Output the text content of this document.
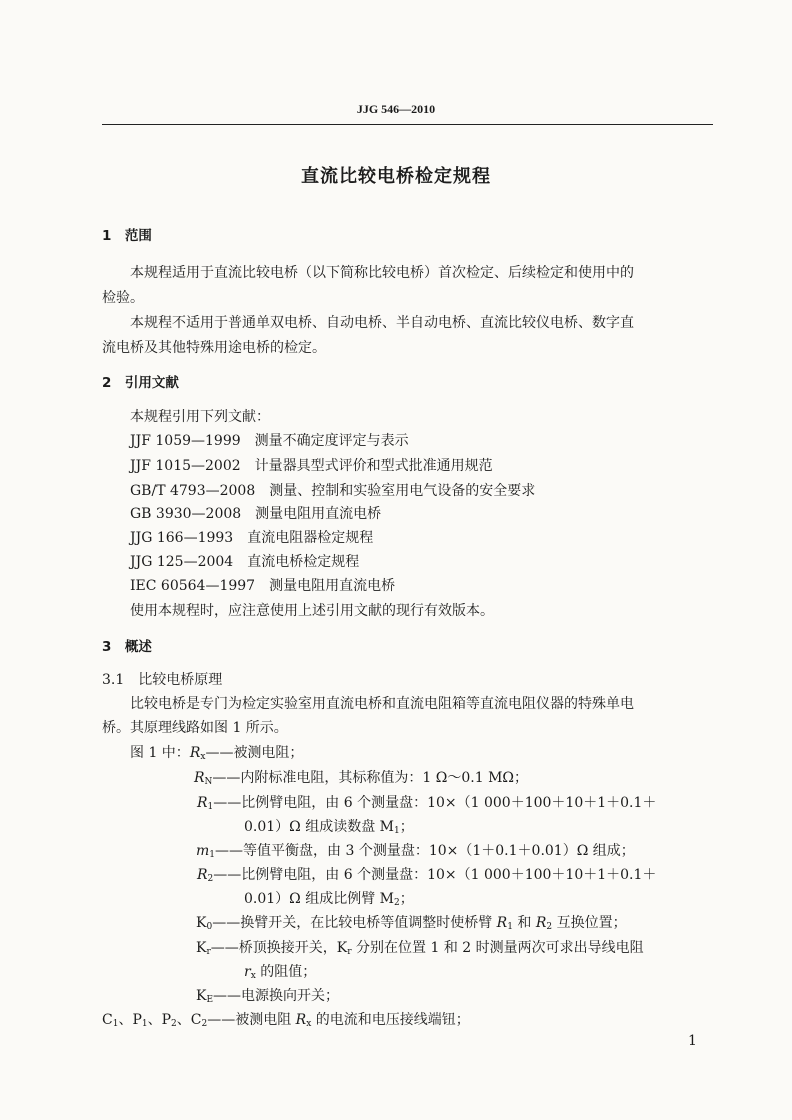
JJG 546—2010
直流比较电桥检定规程
1　范围
本规程适用于直流比较电桥（以下简称比较电桥）首次检定、后续检定和使用中的
检验。
本规程不适用于普通单双电桥、自动电桥、半自动电桥、直流比较仪电桥、数字直
流电桥及其他特殊用途电桥的检定。
2　引用文献
本规程引用下列文献：
JJF 1059—1999　测量不确定度评定与表示
JJF 1015—2002　计量器具型式评价和型式批准通用规范
GB/T 4793—2008　测量、控制和实验室用电气设备的安全要求
GB 3930—2008　测量电阻用直流电桥
JJG 166—1993　直流电阻器检定规程
JJG 125—2004　直流电桥检定规程
IEC 60564—1997　测量电阻用直流电桥
使用本规程时，应注意使用上述引用文献的现行有效版本。
3　概述
3.1　比较电桥原理
比较电桥是专门为检定实验室用直流电桥和直流电阻箱等直流电阻仪器的特殊单电
桥。其原理线路如图 1 所示。
图 1 中：$R_x——$被测电阻；
$R_N——$内附标准电阻，其标称值为：1 Ω～0.1 MΩ；
$R_1——$比例臂电阻，由 6 个测量盘：10×（1 000＋100＋10＋1＋0.1＋
0.01）Ω 组成读数盘 $M_1$；
$m_1——$等值平衡盘，由 3 个测量盘：10×（1＋0.1＋0.01）Ω 组成；
$R_2——$比例臂电阻，由 6 个测量盘：10×（1 000＋100＋10＋1＋0.1＋
0.01）Ω 组成比例臂 $M_2$；
$K_0——$换臂开关，在比较电桥等值调整时使桥臂 $R_1$ 和 $R_2$ 互换位置；
$K_r——$桥顶换接开关，$K_r$ 分别在位置 1 和 2 时测量两次可求出导线电阻
$r_x$ 的阻值；
$K_E——$电源换向开关；
$C_1$、$P_1$、$P_2$、$C_2——$被测电阻 $R_x$ 的电流和电压接线端钮；
1
